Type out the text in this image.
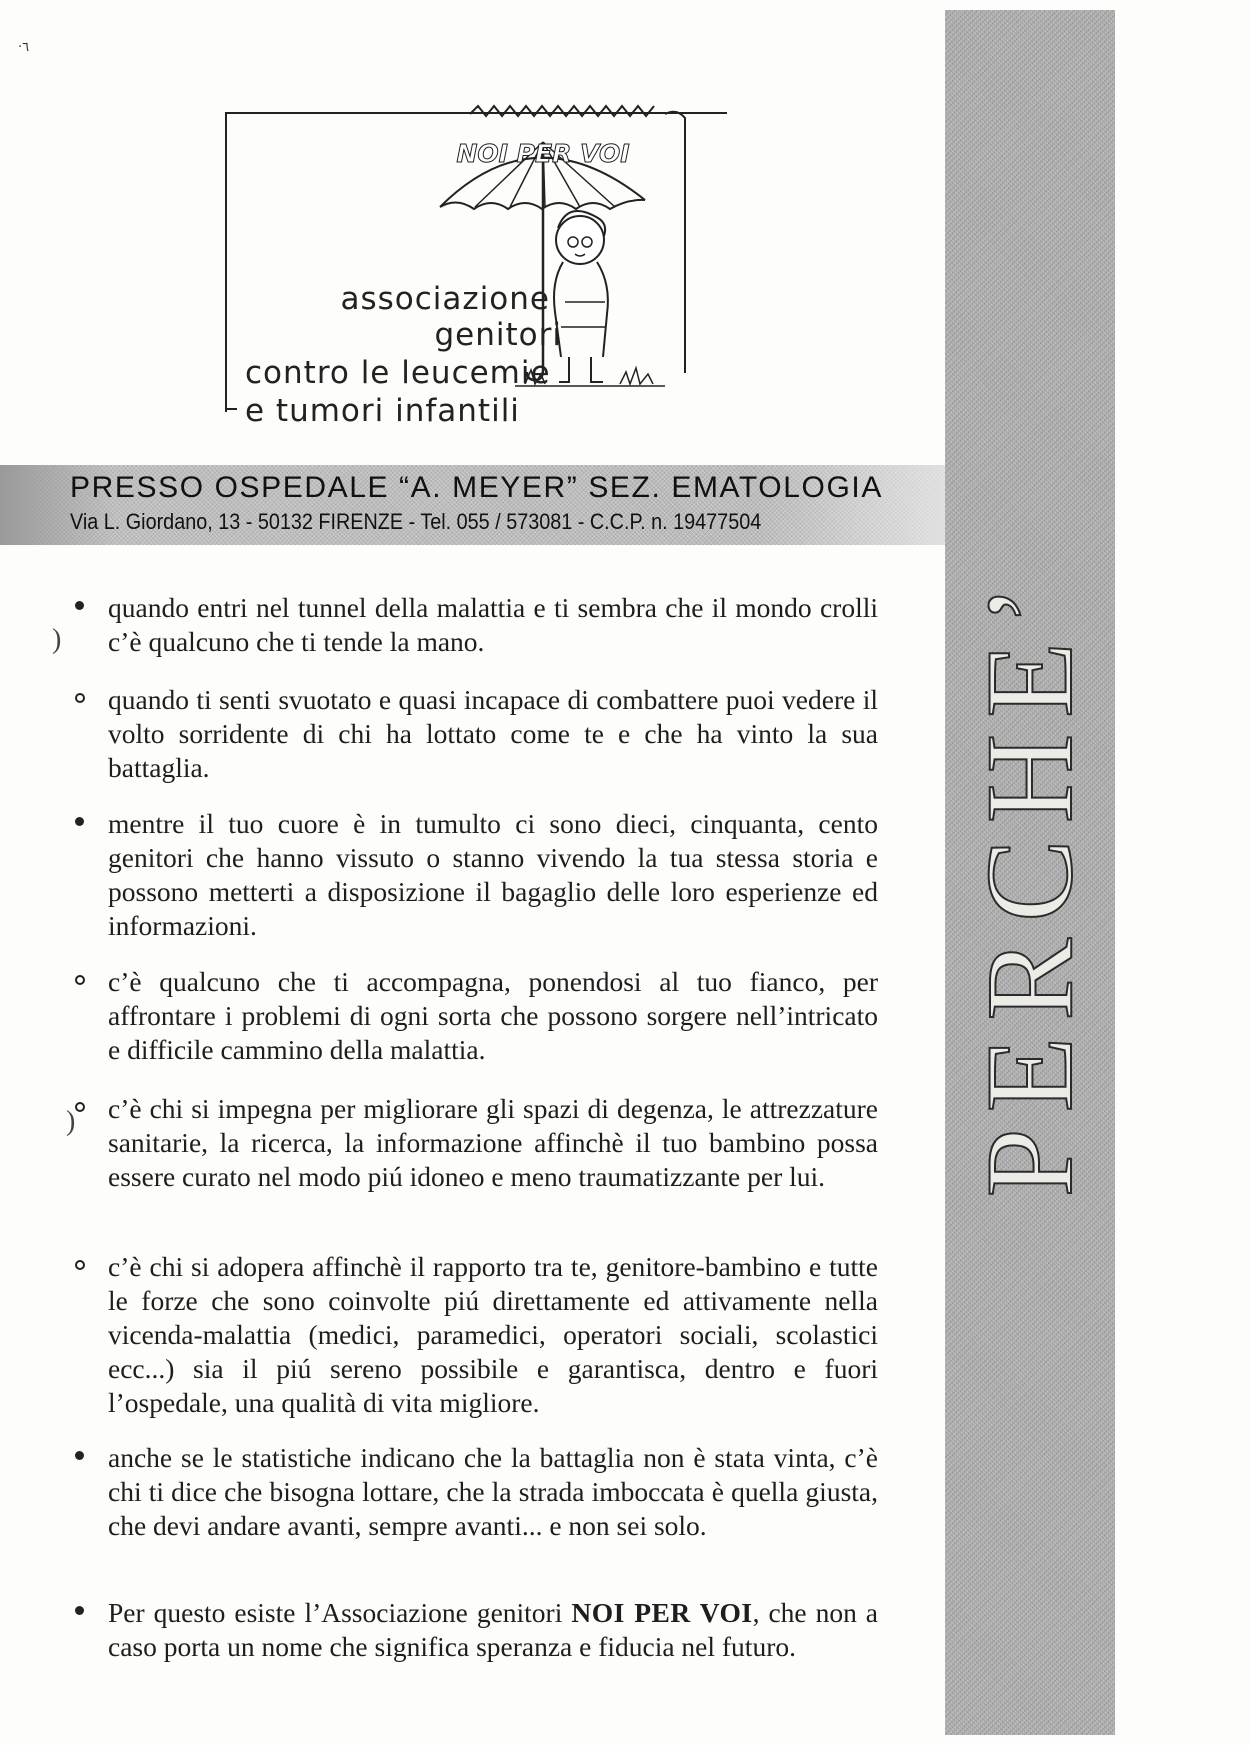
PERCHE’
·٦
NOI PER VOI
associazione
genitori
contro le leucemie
e tumori infantili
PRESSO OSPEDALE “A. MEYER” SEZ. EMATOLOGIA
Via L. Giordano, 13 - 50132 FIRENZE - Tel. 055 / 573081 - C.C.P. n. 19477504
quando entri nel tunnel della malattia e ti sembra che il mondo crolli c’è qualcuno che ti tende la mano.
)
quando ti senti svuotato e quasi incapace di combattere puoi vedere il volto sorridente di chi ha lottato come te e che ha vinto la sua battaglia.
mentre il tuo cuore è in tumulto ci sono dieci, cinquanta, cento genitori che hanno vissuto o stanno vivendo la tua stessa storia e possono metterti a disposizione il bagaglio delle loro esperienze ed informazioni.
c’è qualcuno che ti accompagna, ponendosi al tuo fianco, per affrontare i problemi di ogni sorta che possono sorgere nell’intricato e difficile cammino della malattia.
c’è chi si impegna per migliorare gli spazi di degenza, le attrezzature sanitarie, la ricerca, la informazione affinchè il tuo bambino possa essere curato nel modo piú idoneo e meno traumatizzante per lui.
)
c’è chi si adopera affinchè il rapporto tra te, genitore-bambino e tutte le forze che sono coinvolte piú direttamente ed attivamente nella vicenda-malattia (medici, paramedici, operatori sociali, scolastici ecc...) sia il piú sereno possibile e garantisca, dentro e fuori l’ospedale, una qualità di vita migliore.
anche se le statistiche indicano che la battaglia non è stata vinta, c’è chi ti dice che bisogna lottare, che la strada imboccata è quella giusta, che devi andare avanti, sempre avanti... e non sei solo.
Per questo esiste l’Associazione genitori NOI PER VOI, che non a caso porta un nome che significa speranza e fiducia nel futuro.
